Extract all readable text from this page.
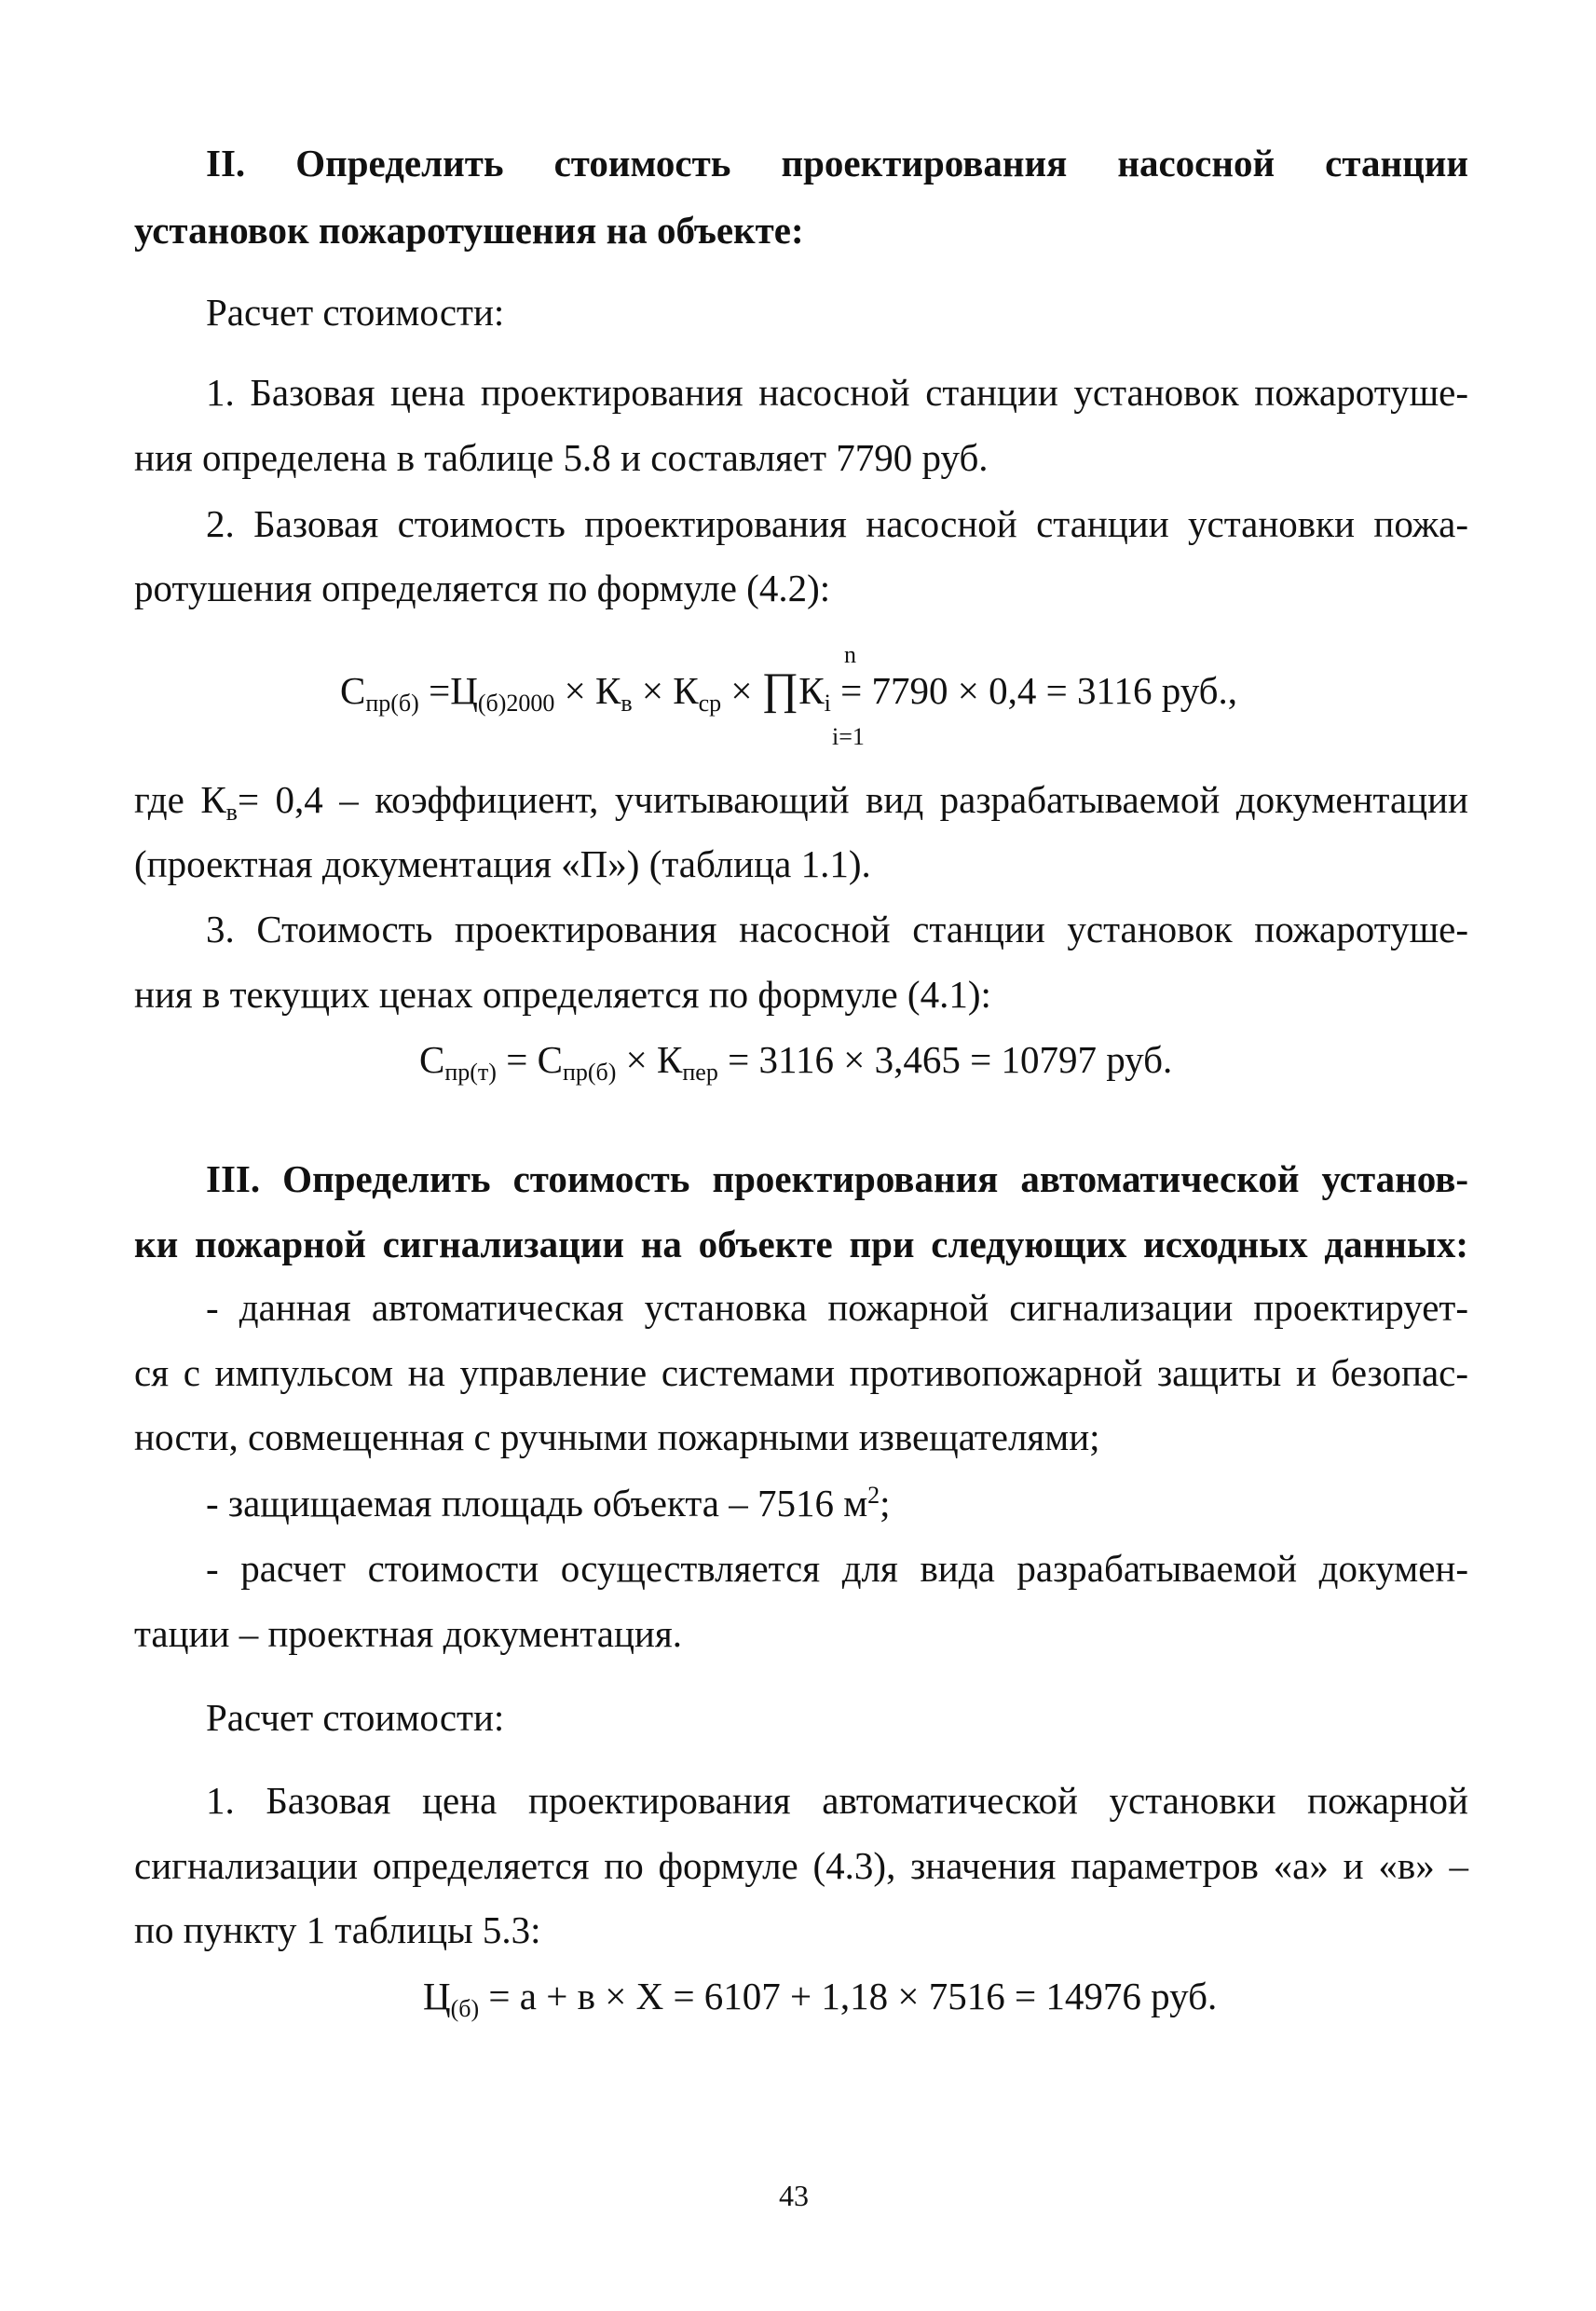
II. Определить стоимость проектирования насосной станции
установок пожаротушения на объекте:
Расчет стоимости:
1. Базовая цена проектирования насосной станции установок пожаротуше-
ния определена в таблице 5.8 и составляет 7790 руб.
2. Базовая стоимость проектирования насосной станции установки пожа-
ротушения определяется по формуле (4.2):
$С_{пр(б)} =Ц_{(б)2000} \times К_в \times К_{ср}$ × $\prod К_i = 7790 \times 0,4 = 3116$ руб.,
n
i=1
где $К_в= 0,4$ – коэффициент, учитывающий вид разрабатываемой документации
(проектная документация «П») (таблица 1.1).
3. Стоимость проектирования насосной станции установок пожаротуше-
ния в текущих ценах определяется по формуле (4.1):
$С_{пр(т)} = С_{пр(б)} \times К_{пер} = 3116 \times 3,465 = 10797$ руб.
III. Определить стоимость проектирования автоматической установ-
ки пожарной сигнализации на объекте при следующих исходных данных:
- данная автоматическая установка пожарной сигнализации проектирует-
ся с импульсом на управление системами противопожарной защиты и безопас-
ности, совмещенная с ручными пожарными извещателями;
- защищаемая площадь объекта – 7516 $м^2$;
- расчет стоимости осуществляется для вида разрабатываемой докумен-
тации – проектная документация.
Расчет стоимости:
1. Базовая цена проектирования автоматической установки пожарной
сигнализации определяется по формуле (4.3), значения параметров «а» и «в» –
по пункту 1 таблицы 5.3:
$Ц_{(б)} = а + в \times Х = 6107 + 1,18 \times 7516 = 14976$ руб.
43
